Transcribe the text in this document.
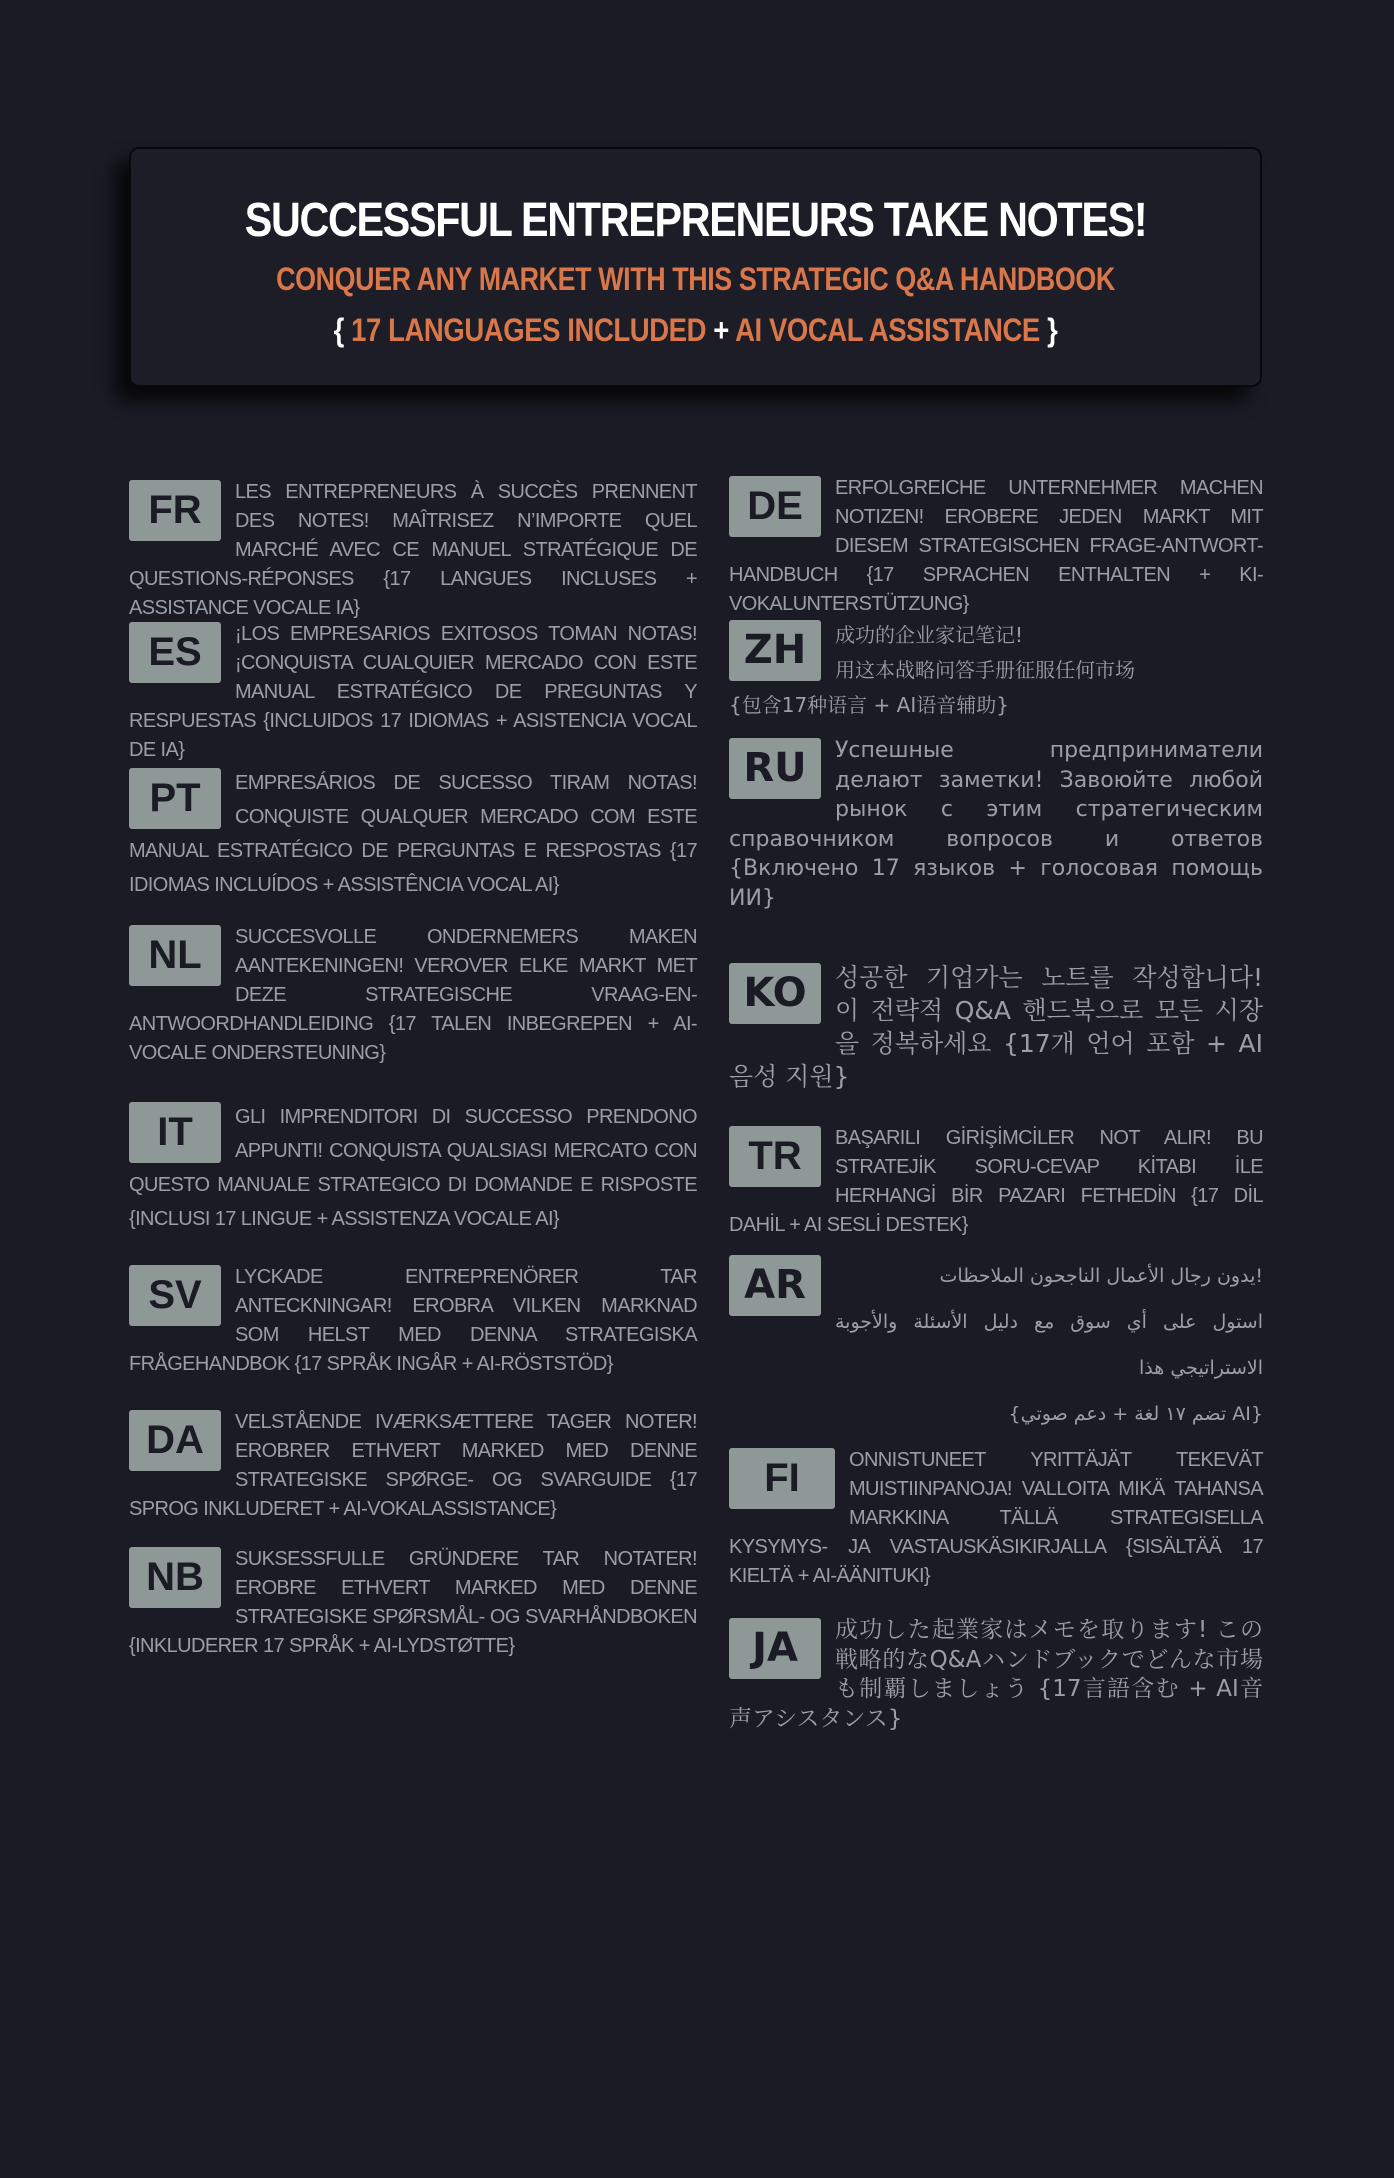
SUCCESSFUL ENTREPRENEURS TAKE NOTES!
CONQUER ANY MARKET WITH THIS STRATEGIC Q&A HANDBOOK
{ 17 LANGUAGES INCLUDED + AI VOCAL ASSISTANCE }
FR	LES ENTREPRENEURS À SUCCÈS PRENNENT DES NOTES! MAÎTRISEZ N’IMPORTE QUEL MARCHÉ AVEC CE MANUEL STRATÉGIQUE DE QUESTIONS-RÉPONSES {17 LANGUES INCLUSES + ASSISTANCE VOCALE IA}
ES	¡LOS EMPRESARIOS EXITOSOS TOMAN NOTAS! ¡CONQUISTA CUALQUIER MERCADO CON ESTE MANUAL ESTRATÉGICO DE PREGUNTAS Y RESPUESTAS {INCLUIDOS 17 IDIOMAS + ASISTENCIA VOCAL DE IA}
PT	EMPRESÁRIOS DE SUCESSO TIRAM NOTAS! CONQUISTE QUALQUER MERCADO COM ESTE MANUAL ESTRATÉGICO DE PERGUNTAS E RESPOSTAS {17 IDIOMAS INCLUÍDOS + ASSISTÊNCIA VOCAL AI}
NL	SUCCESVOLLE ONDERNEMERS MAKEN AANTEKENINGEN! VEROVER ELKE MARKT MET DEZE STRATEGISCHE VRAAG-EN-ANTWOORDHANDLEIDING {17 TALEN INBEGREPEN + AI-VOCALE ONDERSTEUNING}
IT	GLI IMPRENDITORI DI SUCCESSO PRENDONO APPUNTI! CONQUISTA QUALSIASI MERCATO CON QUESTO MANUALE STRATEGICO DI DOMANDE E RISPOSTE {INCLUSI 17 LINGUE + ASSISTENZA VOCALE AI}
SV	LYCKADE ENTREPRENÖRER TAR ANTECKNINGAR! EROBRA VILKEN MARKNAD SOM HELST MED DENNA STRATEGISKA FRÅGEHANDBOK {17 SPRÅK INGÅR + AI-RÖSTSTÖD}
DA	VELSTÅENDE IVÆRKSÆTTERE TAGER NOTER! EROBRER ETHVERT MARKED MED DENNE STRATEGISKE SPØRGE- OG SVARGUIDE {17 SPROG INKLUDERET + AI-VOKALASSISTANCE}
NB	SUKSESSFULLE GRÜNDERE TAR NOTATER! EROBRE ETHVERT MARKED MED DENNE STRATEGISKE SPØRSMÅL- OG SVARHÅNDBOKEN {INKLUDERER 17 SPRÅK + AI-LYDSTØTTE}
DE	ERFOLGREICHE UNTERNEHMER MACHEN NOTIZEN! EROBERE JEDEN MARKT MIT DIESEM STRATEGISCHEN FRAGE-ANTWORT-HANDBUCH {17 SPRACHEN ENTHALTEN + KI-VOKALUNTERSTÜTZUNG}
ZH	成功的企业家记笔记!
用这本战略问答手册征服任何市场
{包含17种语言 + AI语音辅助}
RU	Успешные предприниматели делают заметки! Завоюйте любой рынок с этим стратегическим справочником вопросов и ответов {Включено 17 языков + голосовая помощь ИИ}
KO	성공한 기업가는 노트를 작성합니다! 이 전략적 Q&A 핸드북으로 모든 시장을 정복하세요 {17개 언어 포함 + AI 음성 지원}
TR	BAŞARILI GİRİŞİMCİLER NOT ALIR! BU STRATEJİK SORU-CEVAP KİTABI İLE HERHANGİ BİR PAZARI FETHEDİN {17 DİL DAHİL + AI SESLİ DESTEK}
AR	!يدون رجال الأعمال الناجحون الملاحظات
استول على أي سوق مع دليل الأسئلة والأجوبة
الاستراتيجي هذا
{AI تضم ١٧ لغة + دعم صوتي}
FI	ONNISTUNEET YRITTÄJÄT TEKEVÄT MUISTIINPANOJA! VALLOITA MIKÄ TAHANSA MARKKINA TÄLLÄ STRATEGISELLA KYSYMYS- JA VASTAUSKÄSIKIRJALLA {SISÄLTÄÄ 17 KIELTÄ + AI-ÄÄNITUKI}
JA	成功した起業家はメモを取ります! この戦略的なQ&Aハンドブックでどんな市場も制覇しましょう {17言語含む + AI音声アシスタンス}
